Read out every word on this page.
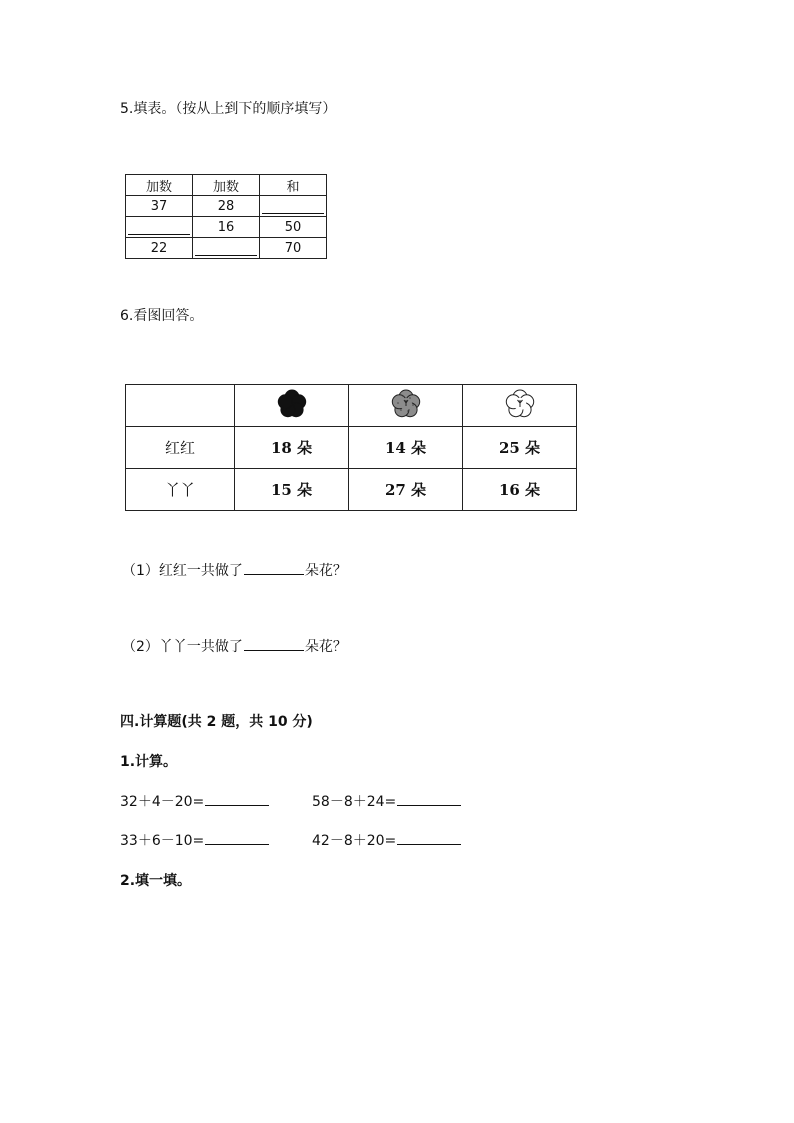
5.填表。（按从上到下的顺序填写）
加数	加数	和
37	28	

	16	50
22		70
6.看图回答。

红红	18 朵	14 朵	25 朵
丫丫	15 朵	27 朵	16 朵
（1）红红一共做了	朵花？
（2）丫丫一共做了	朵花？
四.计算题(共 2 题，共 10 分)
1.计算。
32＋4－20=	58－8＋24=
33＋6－10=	42－8＋20=
2.填一填。
